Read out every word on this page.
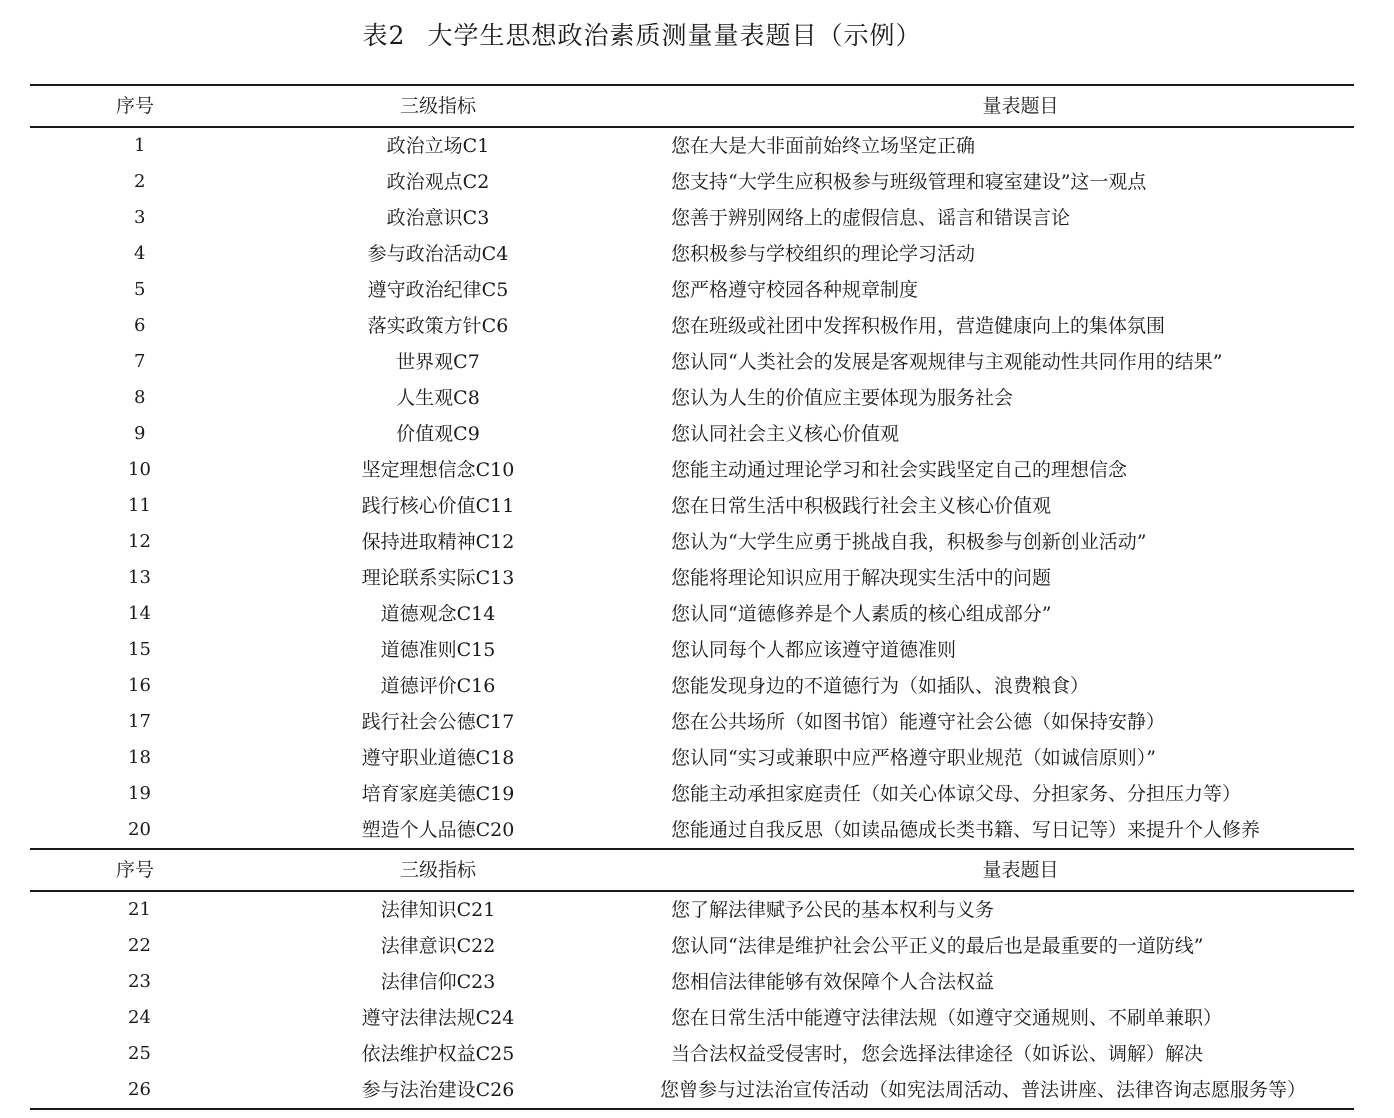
表2 大学生思想政治素质测量量表题目（示例）
序号	三级指标	量表题目
1	政治立场C1	您在大是大非面前始终立场坚定正确
2	政治观点C2	您支持“大学生应积极参与班级管理和寝室建设”这一观点
3	政治意识C3	您善于辨别网络上的虚假信息、谣言和错误言论
4	参与政治活动C4	您积极参与学校组织的理论学习活动
5	遵守政治纪律C5	您严格遵守校园各种规章制度
6	落实政策方针C6	您在班级或社团中发挥积极作用，营造健康向上的集体氛围
7	世界观C7	您认同“人类社会的发展是客观规律与主观能动性共同作用的结果”
8	人生观C8	您认为人生的价值应主要体现为服务社会
9	价值观C9	您认同社会主义核心价值观
10	坚定理想信念C10	您能主动通过理论学习和社会实践坚定自己的理想信念
11	践行核心价值C11	您在日常生活中积极践行社会主义核心价值观
12	保持进取精神C12	您认为“大学生应勇于挑战自我，积极参与创新创业活动”
13	理论联系实际C13	您能将理论知识应用于解决现实生活中的问题
14	道德观念C14	您认同“道德修养是个人素质的核心组成部分”
15	道德准则C15	您认同每个人都应该遵守道德准则
16	道德评价C16	您能发现身边的不道德行为（如插队、浪费粮食）
17	践行社会公德C17	您在公共场所（如图书馆）能遵守社会公德（如保持安静）
18	遵守职业道德C18	您认同“实习或兼职中应严格遵守职业规范（如诚信原则）”
19	培育家庭美德C19	您能主动承担家庭责任（如关心体谅父母、分担家务、分担压力等）
20	塑造个人品德C20	您能通过自我反思（如读品德成长类书籍、写日记等）来提升个人修养
序号	三级指标	量表题目
21	法律知识C21	您了解法律赋予公民的基本权利与义务
22	法律意识C22	您认同“法律是维护社会公平正义的最后也是最重要的一道防线”
23	法律信仰C23	您相信法律能够有效保障个人合法权益
24	遵守法律法规C24	您在日常生活中能遵守法律法规（如遵守交通规则、不刷单兼职）
25	依法维护权益C25	当合法权益受侵害时，您会选择法律途径（如诉讼、调解）解决
26	参与法治建设C26	您曾参与过法治宣传活动（如宪法周活动、普法讲座、法律咨询志愿服务等）
